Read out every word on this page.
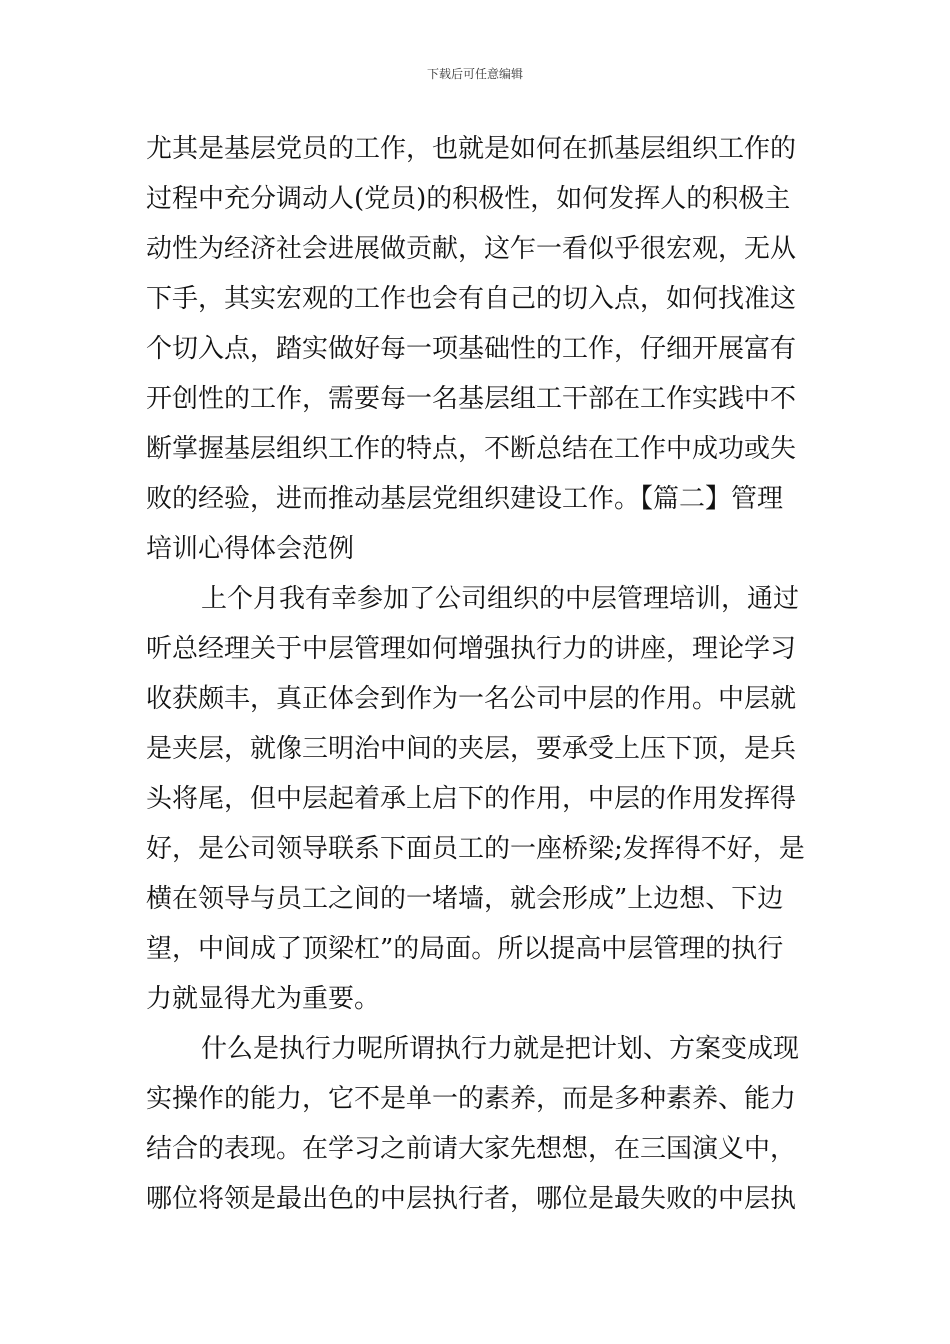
下载后可任意编辑
尤其是基层党员的工作，也就是如何在抓基层组织工作的
过程中充分调动人(党员)的积极性，如何发挥人的积极主
动性为经济社会进展做贡献，这乍一看似乎很宏观，无从
下手，其实宏观的工作也会有自己的切入点，如何找准这
个切入点，踏实做好每一项基础性的工作，仔细开展富有
开创性的工作，需要每一名基层组工干部在工作实践中不
断掌握基层组织工作的特点，不断总结在工作中成功或失
败的经验，进而推动基层党组织建设工作。【篇二】管理
培训心得体会范例
上个月我有幸参加了公司组织的中层管理培训，通过
听总经理关于中层管理如何增强执行力的讲座，理论学习
收获颇丰，真正体会到作为一名公司中层的作用。中层就
是夹层，就像三明治中间的夹层，要承受上压下顶，是兵
头将尾，但中层起着承上启下的作用，中层的作用发挥得
好，是公司领导联系下面员工的一座桥梁;发挥得不好，是
横在领导与员工之间的一堵墙，就会形成”上边想、下边
望，中间成了顶梁杠”的局面。所以提高中层管理的执行
力就显得尤为重要。
什么是执行力呢所谓执行力就是把计划、方案变成现
实操作的能力，它不是单一的素养，而是多种素养、能力
结合的表现。在学习之前请大家先想想，在三国演义中，
哪位将领是最出色的中层执行者，哪位是最失败的中层执
